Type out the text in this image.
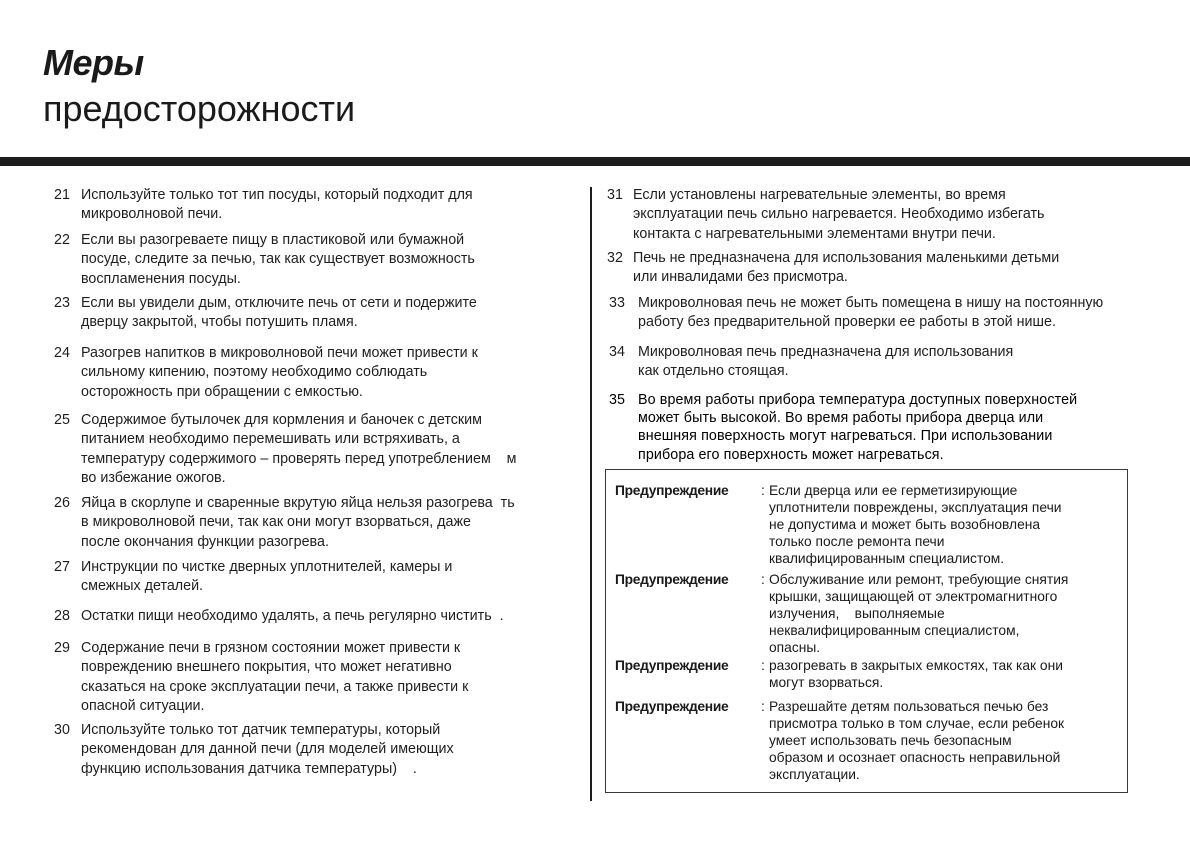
Меры
предосторожности
21 Используйте только тот тип посуды, который подходит для
микроволновой печи.
22 Если вы разогреваете пищу в пластиковой или бумажной
посуде, следите за печью, так как существует возможность
воспламенения посуды.
23 Если вы увидели дым, отключите печь от сети и подержите
дверцу закрытой, чтобы потушить пламя.
24 Разогрев напитков в микроволновой печи может привести к
сильному кипению, поэтому необходимо соблюдать
осторожность при обращении с емкостью.
25 Содержимое бутылочек для кормления и баночек с детским
питанием необходимо перемешивать или встряхивать, а
температуру содержимого – проверять перед употреблением    м
во избежание ожогов.
26 Яйца в скорлупе и сваренные вкрутую яйца нельзя разогрева  ть
в микроволновой печи, так как они могут взорваться, даже
после окончания функции разогрева.
27 Инструкции по чистке дверных уплотнителей, камеры и
смежных деталей.
28 Остатки пищи необходимо удалять, а печь регулярно чистить  .
29 Содержание печи в грязном состоянии может привести к
повреждению внешнего покрытия, что может негативно
сказаться на сроке эксплуатации печи, а также привести к
опасной ситуации.
30 Используйте только тот датчик температуры, который
рекомендован для данной печи (для моделей имеющих
функцию использования датчика температуры)    .
31 Если установлены нагревательные элементы, во время
эксплуатации печь сильно нагревается. Необходимо избегать
контакта с нагревательными элементами внутри печи.
32 Печь не предназначена для использования маленькими детьми
или инвалидами без присмотра.
33 Микроволновая печь не может быть помещена в нишу на постоянную
работу без предварительной проверки ее работы в этой нише.
34 Микроволновая печь предназначена для использования
как отдельно стоящая.
35 Во время работы прибора температура доступных поверхностей
может быть высокой. Во время работы прибора дверца или
внешняя поверхность могут нагреваться. При использовании
прибора его поверхность может нагреваться.
Предупреждение : Если дверца или ее герметизирующие
уплотнители повреждены, эксплуатация печи
не допустима и может быть возобновлена
только после ремонта печи
квалифицированным специалистом.
Предупреждение : Обслуживание или ремонт, требующие снятия
крышки, защищающей от электромагнитного
излучения,    выполняемые
неквалифицированным специалистом,
опасны.
Предупреждение : разогревать в закрытых емкостях, так как они
могут взорваться.
Предупреждение : Разрешайте детям пользоваться печью без
присмотра только в том случае, если ребенок
умеет использовать печь безопасным
образом и осознает опасность неправильной
эксплуатации.
